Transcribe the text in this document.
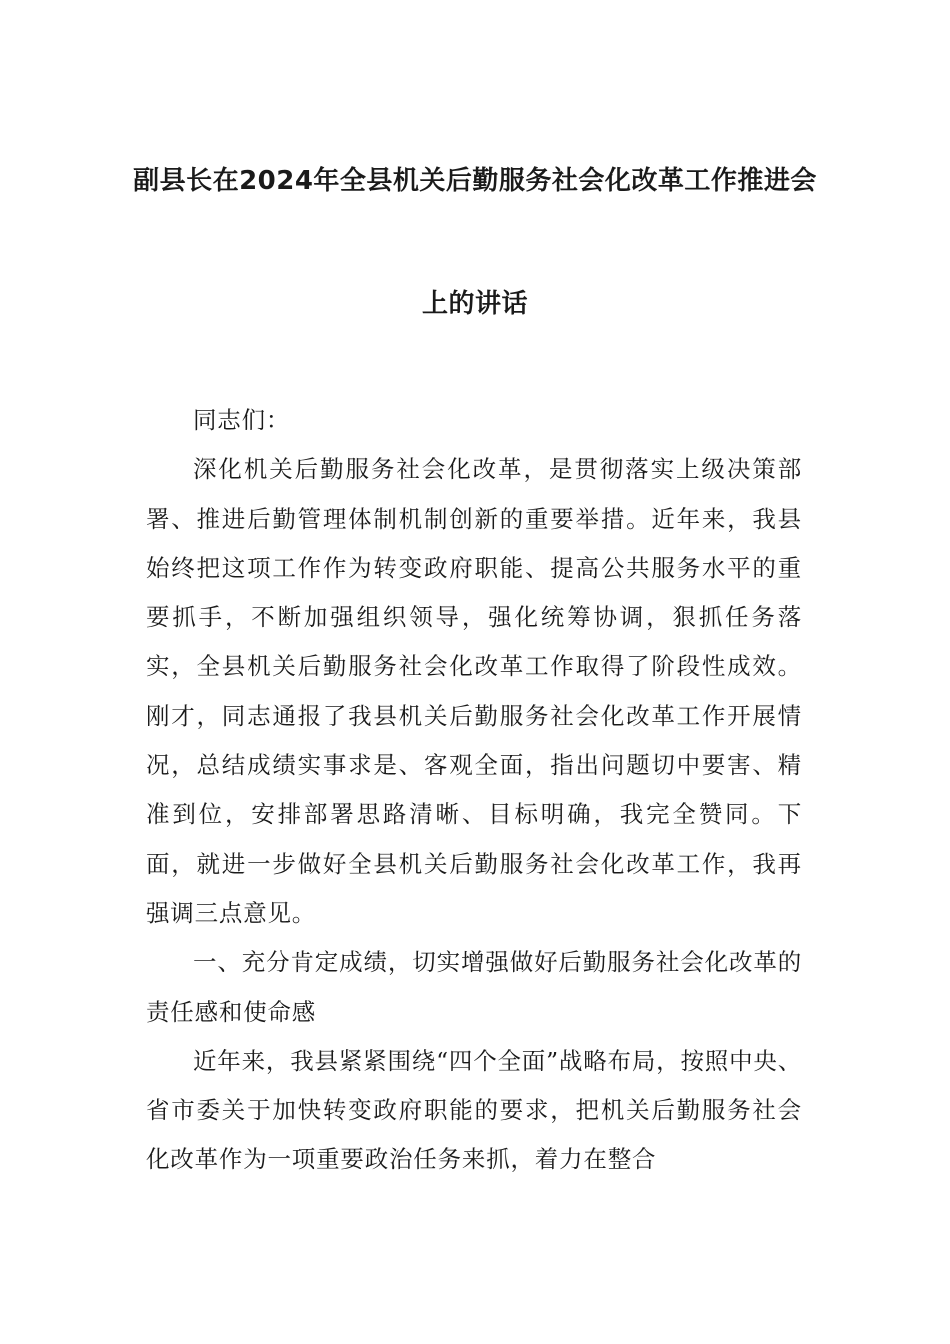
副县长在2024年全县机关后勤服务社会化改革工作推进会
上的讲话

同志们：

深化机关后勤服务社会化改革，是贯彻落实上级决策部署、推进后勤管理体制机制创新的重要举措。近年来，我县始终把这项工作作为转变政府职能、提高公共服务水平的重要抓手，不断加强组织领导，强化统筹协调，狠抓任务落实，全县机关后勤服务社会化改革工作取得了阶段性成效。刚才，同志通报了我县机关后勤服务社会化改革工作开展情况，总结成绩实事求是、客观全面，指出问题切中要害、精准到位，安排部署思路清晰、目标明确，我完全赞同。下面，就进一步做好全县机关后勤服务社会化改革工作，我再强调三点意见。

一、充分肯定成绩，切实增强做好后勤服务社会化改革的责任感和使命感

近年来，我县紧紧围绕“四个全面”战略布局，按照中央、省市委关于加快转变政府职能的要求，把机关后勤服务社会化改革作为一项重要政治任务来抓，着力在整合
